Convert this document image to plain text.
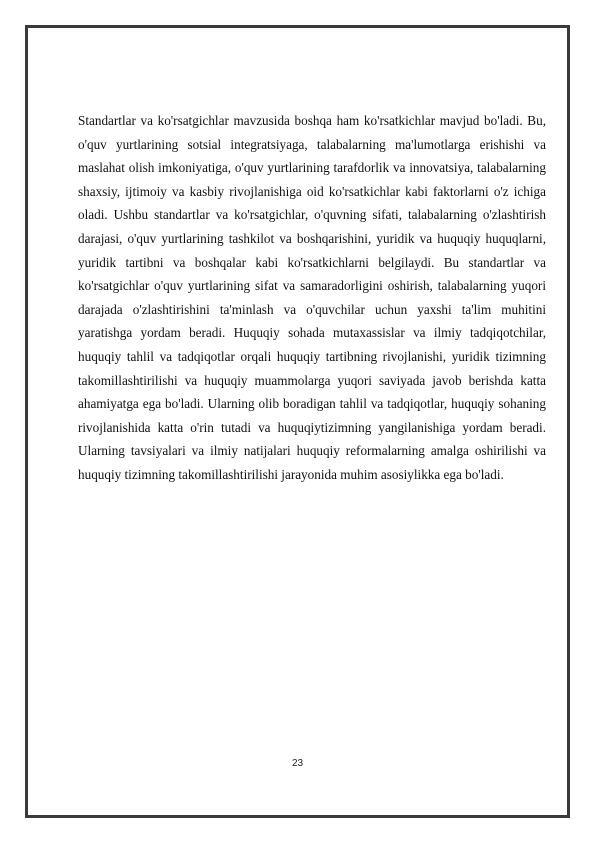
Standartlar va ko'rsatgichlar mavzusida boshqa ham ko'rsatkichlar mavjud bo'ladi. Bu, o'quv yurtlarining sotsial integratsiyaga, talabalarning ma'lumotlarga erishishi va maslahat olish imkoniyatiga, o'quv yurtlarining tarafdorlik va innovatsiya, talabalarning shaxsiy, ijtimoiy va kasbiy rivojlanishiga oid ko'rsatkichlar kabi faktorlarni o'z ichiga oladi. Ushbu standartlar va ko'rsatgichlar, o'quvning sifati, talabalarning o'zlashtirish darajasi, o'quv yurtlarining tashkilot va boshqarishini, yuridik va huquqiy huquqlarni, yuridik tartibni va boshqalar kabi ko'rsatkichlarni belgilaydi. Bu standartlar va ko'rsatgichlar o'quv yurtlarining sifat va samaradorligini oshirish, talabalarning yuqori darajada o'zlashtirishini ta'minlash va o'quvchilar uchun yaxshi ta'lim muhitini yaratishga yordam beradi. Huquqiy sohada mutaxassislar va ilmiy tadqiqotchilar, huquqiy tahlil va tadqiqotlar orqali huquqiy tartibning rivojlanishi, yuridik tizimning takomillashtirilishi va huquqiy muammolarga yuqori saviyada javob berishda katta ahamiyatga ega bo'ladi. Ularning olib boradigan tahlil va tadqiqotlar, huquqiy sohaning rivojlanishida katta o'rin tutadi va huquqiytizimning yangilanishiga yordam beradi. Ularning tavsiyalari va ilmiy natijalari huquqiy reformalarning amalga oshirilishi va huquqiy tizimning takomillashtirilishi jarayonida muhim asosiylikka ega bo'ladi.

23
